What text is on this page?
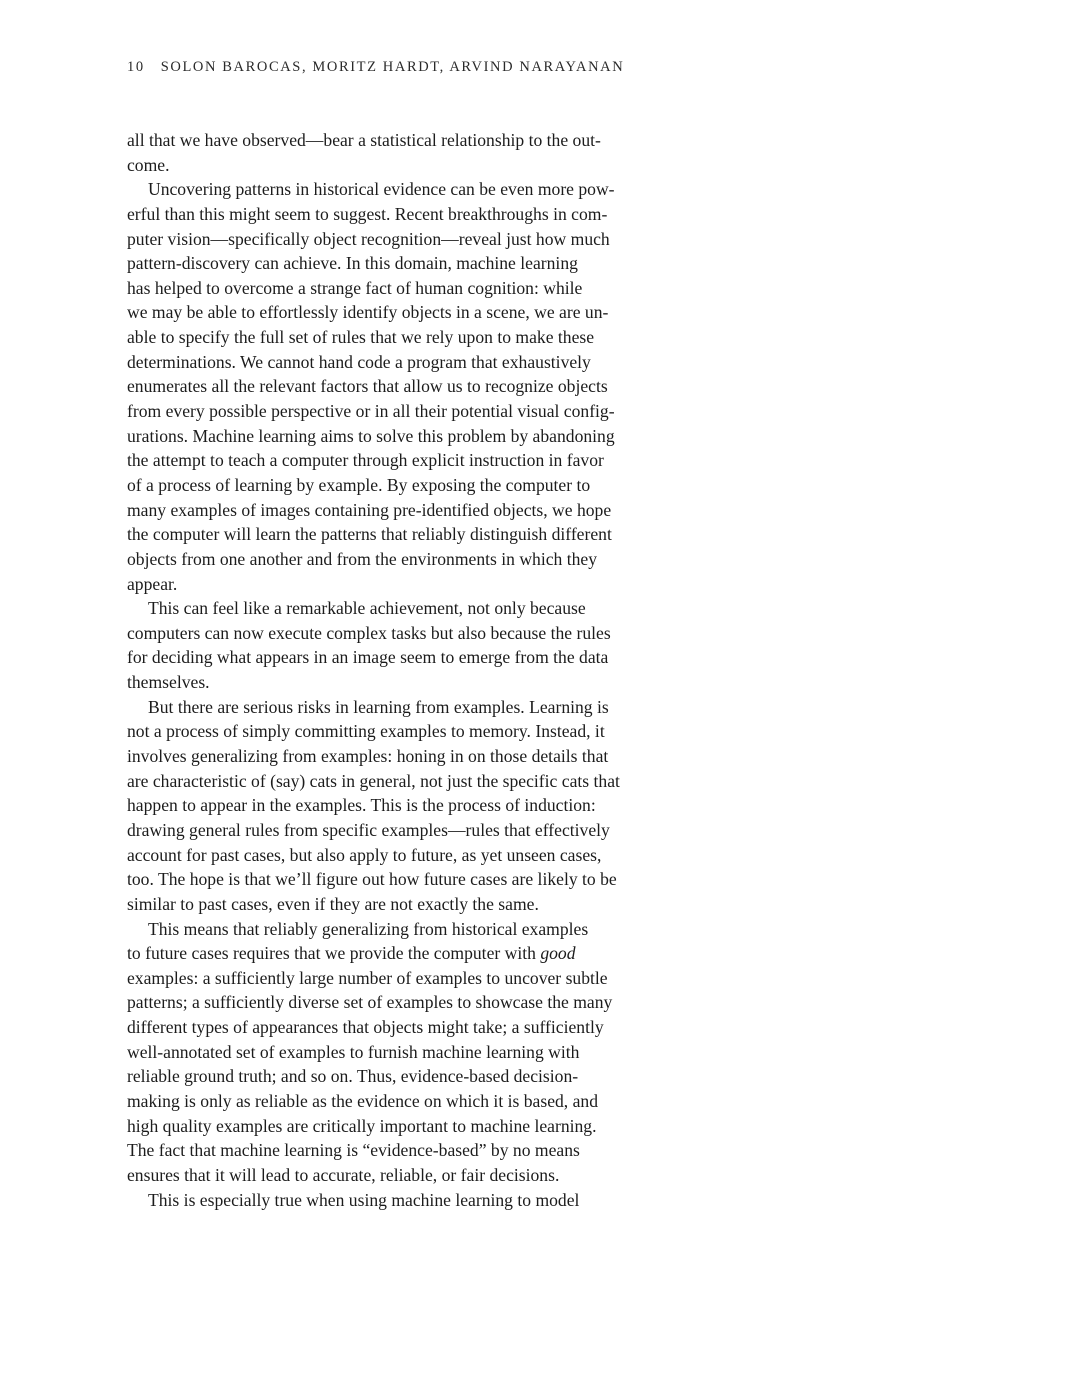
10 SOLON BAROCAS, MORITZ HARDT, ARVIND NARAYANAN
all that we have observed—bear a statistical relationship to the out-
come.
Uncovering patterns in historical evidence can be even more pow-
erful than this might seem to suggest. Recent breakthroughs in com-
puter vision—specifically object recognition—reveal just how much
pattern-discovery can achieve. In this domain, machine learning
has helped to overcome a strange fact of human cognition: while
we may be able to effortlessly identify objects in a scene, we are un-
able to specify the full set of rules that we rely upon to make these
determinations. We cannot hand code a program that exhaustively
enumerates all the relevant factors that allow us to recognize objects
from every possible perspective or in all their potential visual config-
urations. Machine learning aims to solve this problem by abandoning
the attempt to teach a computer through explicit instruction in favor
of a process of learning by example. By exposing the computer to
many examples of images containing pre-identified objects, we hope
the computer will learn the patterns that reliably distinguish different
objects from one another and from the environments in which they
appear.
This can feel like a remarkable achievement, not only because
computers can now execute complex tasks but also because the rules
for deciding what appears in an image seem to emerge from the data
themselves.
But there are serious risks in learning from examples. Learning is
not a process of simply committing examples to memory. Instead, it
involves generalizing from examples: honing in on those details that
are characteristic of (say) cats in general, not just the specific cats that
happen to appear in the examples. This is the process of induction:
drawing general rules from specific examples—rules that effectively
account for past cases, but also apply to future, as yet unseen cases,
too. The hope is that we’ll figure out how future cases are likely to be
similar to past cases, even if they are not exactly the same.
This means that reliably generalizing from historical examples
to future cases requires that we provide the computer with good
examples: a sufficiently large number of examples to uncover subtle
patterns; a sufficiently diverse set of examples to showcase the many
different types of appearances that objects might take; a sufficiently
well-annotated set of examples to furnish machine learning with
reliable ground truth; and so on. Thus, evidence-based decision-
making is only as reliable as the evidence on which it is based, and
high quality examples are critically important to machine learning.
The fact that machine learning is “evidence-based” by no means
ensures that it will lead to accurate, reliable, or fair decisions.
This is especially true when using machine learning to model
